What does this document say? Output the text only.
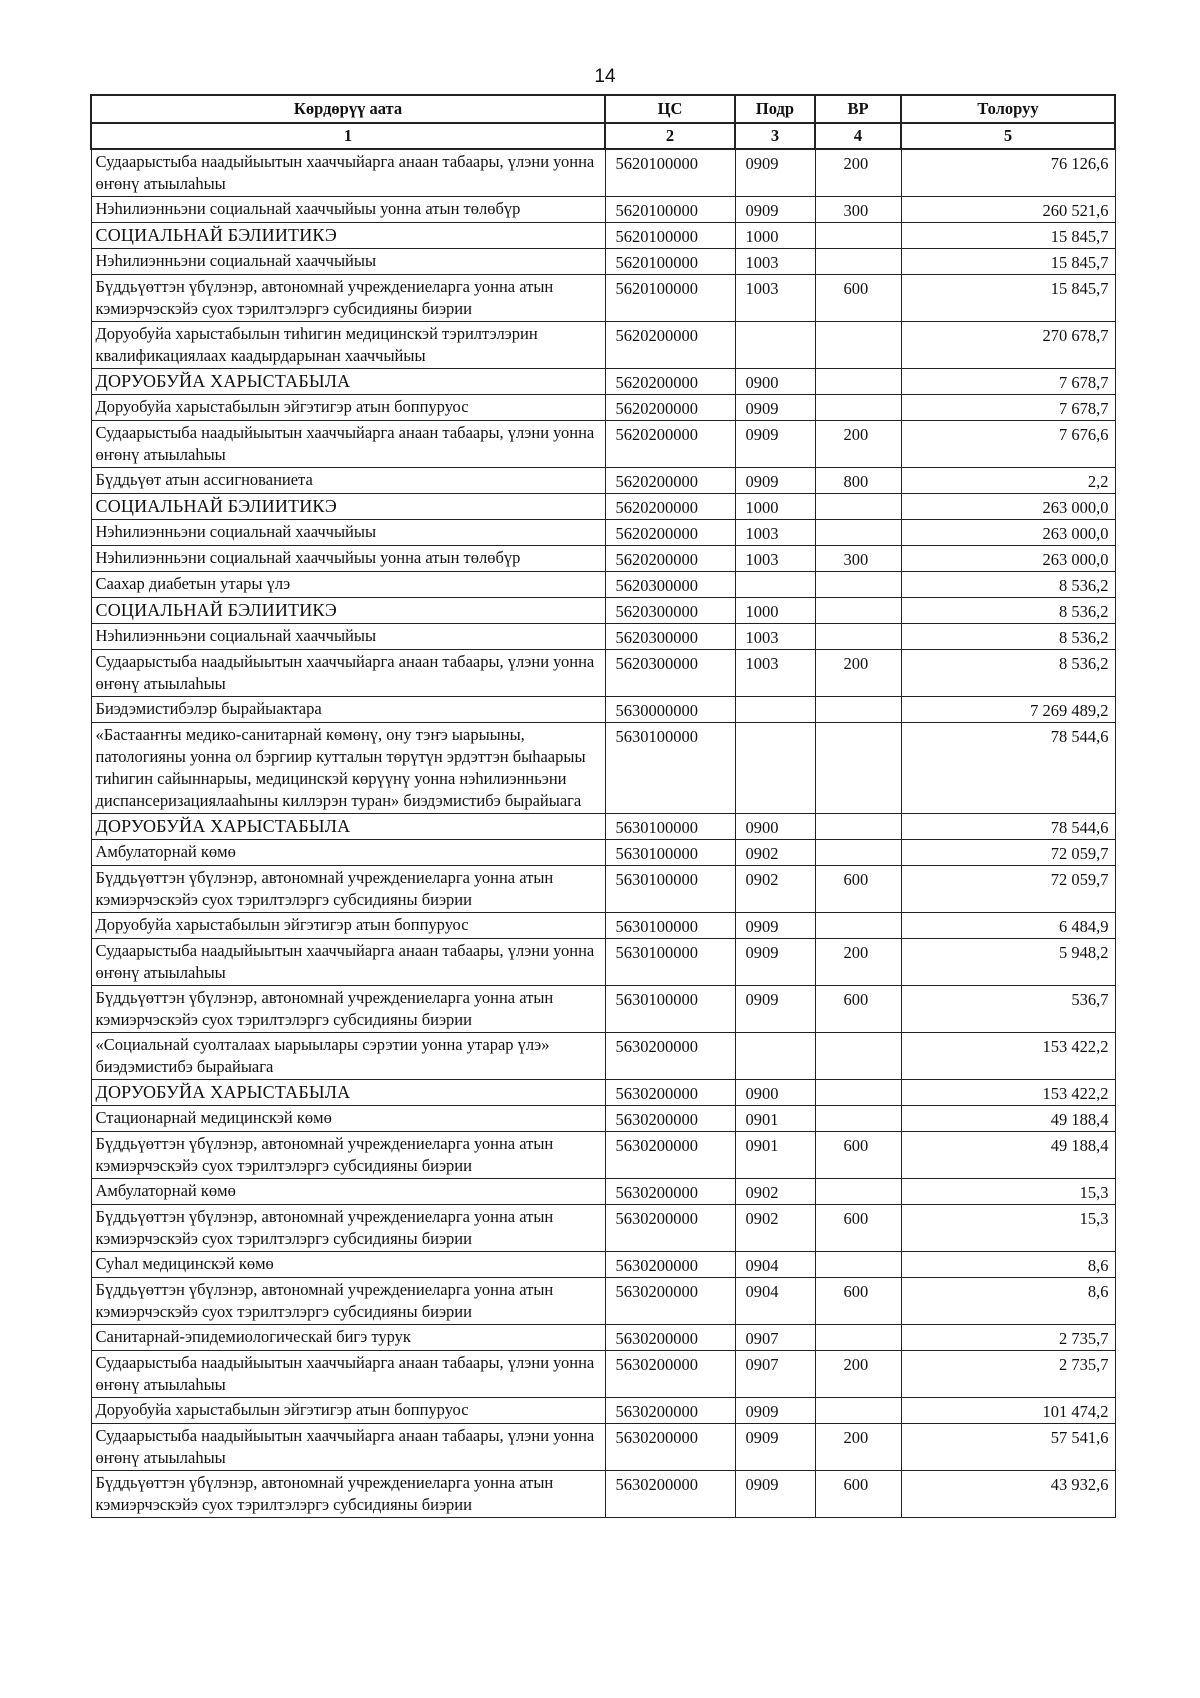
14
Көрдөрүү аата	ЦС	Подр	ВР	Толоруу
1	2	3	4	5
Судаарыстыба наадыйыытын хааччыйарга анаан табаары, үлэни уонна өҥөнү атыылаһыы	5620100000	0909	200	76 126,6
Нэһилиэнньэни социальнай хааччыйыы уонна атын төлөбүр	5620100000	0909	300	260 521,6
СОЦИАЛЬНАЙ БЭЛИИТИКЭ	5620100000	1000		15 845,7
Нэһилиэнньэни социальнай хааччыйыы	5620100000	1003		15 845,7
Бүддьүөттэн үбүлэнэр, автономнай учреждениеларга уонна атын кэмиэрчэскэйэ суох тэрилтэлэргэ субсидияны биэрии	5620100000	1003	600	15 845,7
Доруобуйа харыстабылын тиһигин медицинскэй тэрилтэлэрин квалификациялаах каадырдарынан хааччыйыы	5620200000			270 678,7
ДОРУОБУЙА ХАРЫСТАБЫЛА	5620200000	0900		7 678,7
Доруобуйа харыстабылын эйгэтигэр атын боппуруос	5620200000	0909		7 678,7
Судаарыстыба наадыйыытын хааччыйарга анаан табаары, үлэни уонна өҥөнү атыылаһыы	5620200000	0909	200	7 676,6
Бүддьүөт атын ассигнованиета	5620200000	0909	800	2,2
СОЦИАЛЬНАЙ БЭЛИИТИКЭ	5620200000	1000		263 000,0
Нэһилиэнньэни социальнай хааччыйыы	5620200000	1003		263 000,0
Нэһилиэнньэни социальнай хааччыйыы уонна атын төлөбүр	5620200000	1003	300	263 000,0
Саахар диабетын утары үлэ	5620300000			8 536,2
СОЦИАЛЬНАЙ БЭЛИИТИКЭ	5620300000	1000		8 536,2
Нэһилиэнньэни социальнай хааччыйыы	5620300000	1003		8 536,2
Судаарыстыба наадыйыытын хааччыйарга анаан табаары, үлэни уонна өҥөнү атыылаһыы	5620300000	1003	200	8 536,2
Биэдэмистибэлэр бырайыактара	5630000000			7 269 489,2
«Бастааҥҥы медико-санитарнай көмөнү, ону тэҥэ ыарыыны, патологияны уонна ол бэргиир кутталын төрүтүн эрдэттэн быһаарыы тиһигин сайыннарыы, медицинскэй көрүүнү уонна нэһилиэнньэни диспансеризациялааһыны киллэрэн туран» биэдэмистибэ бырайыага	5630100000			78 544,6
ДОРУОБУЙА ХАРЫСТАБЫЛА	5630100000	0900		78 544,6
Амбулаторнай көмө	5630100000	0902		72 059,7
Бүддьүөттэн үбүлэнэр, автономнай учреждениеларга уонна атын кэмиэрчэскэйэ суох тэрилтэлэргэ субсидияны биэрии	5630100000	0902	600	72 059,7
Доруобуйа харыстабылын эйгэтигэр атын боппуруос	5630100000	0909		6 484,9
Судаарыстыба наадыйыытын хааччыйарга анаан табаары, үлэни уонна өҥөнү атыылаһыы	5630100000	0909	200	5 948,2
Бүддьүөттэн үбүлэнэр, автономнай учреждениеларга уонна атын кэмиэрчэскэйэ суох тэрилтэлэргэ субсидияны биэрии	5630100000	0909	600	536,7
«Социальнай суолталаах ыарыылары сэрэтии уонна утарар үлэ» биэдэмистибэ бырайыага	5630200000			153 422,2
ДОРУОБУЙА ХАРЫСТАБЫЛА	5630200000	0900		153 422,2
Стационарнай медицинскэй көмө	5630200000	0901		49 188,4
Бүддьүөттэн үбүлэнэр, автономнай учреждениеларга уонна атын кэмиэрчэскэйэ суох тэрилтэлэргэ субсидияны биэрии	5630200000	0901	600	49 188,4
Амбулаторнай көмө	5630200000	0902		15,3
Бүддьүөттэн үбүлэнэр, автономнай учреждениеларга уонна атын кэмиэрчэскэйэ суох тэрилтэлэргэ субсидияны биэрии	5630200000	0902	600	15,3
Суһал медицинскэй көмө	5630200000	0904		8,6
Бүддьүөттэн үбүлэнэр, автономнай учреждениеларга уонна атын кэмиэрчэскэйэ суох тэрилтэлэргэ субсидияны биэрии	5630200000	0904	600	8,6
Санитарнай-эпидемиологическай бигэ турук	5630200000	0907		2 735,7
Судаарыстыба наадыйыытын хааччыйарга анаан табаары, үлэни уонна өҥөнү атыылаһыы	5630200000	0907	200	2 735,7
Доруобуйа харыстабылын эйгэтигэр атын боппуруос	5630200000	0909		101 474,2
Судаарыстыба наадыйыытын хааччыйарга анаан табаары, үлэни уонна өҥөнү атыылаһыы	5630200000	0909	200	57 541,6
Бүддьүөттэн үбүлэнэр, автономнай учреждениеларга уонна атын кэмиэрчэскэйэ суох тэрилтэлэргэ субсидияны биэрии	5630200000	0909	600	43 932,6
